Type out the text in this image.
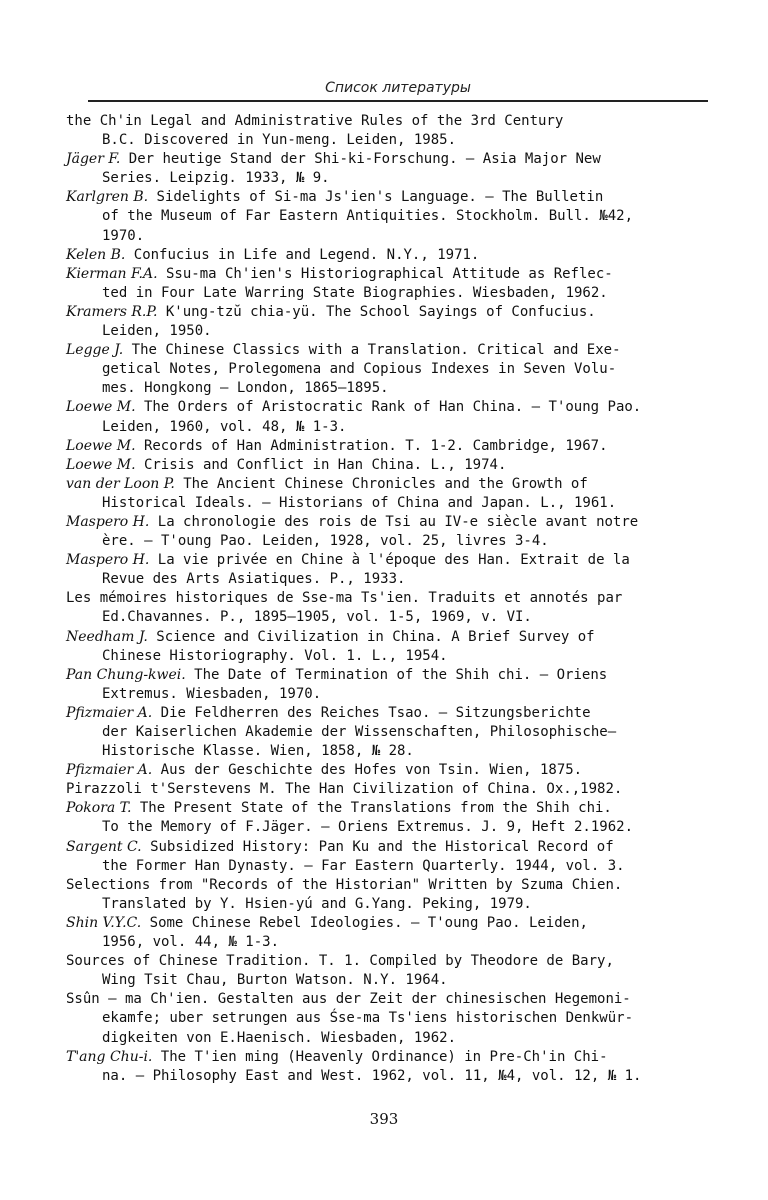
Список литературы
the Ch'in Legal and Administrative Rules of the 3rd Century
B.C. Discovered in Yun-meng. Leiden, 1985.
Jäger F. Der heutige Stand der Shi-ki-Forschung. — Asia Major New
Series. Leipzig. 1933, № 9.
Karlgren B. Sidelights of Si-ma Js'ien's Language. — The Bulletin
of the Museum of Far Eastern Antiquities. Stockholm. Bull. №42,
1970.
Kelen B. Confucius in Life and Legend. N.Y., 1971.
Kierman F.A. Ssu-ma Ch'ien's Historiographical Attitude as Reflec-
ted in Four Late Warring State Biographies. Wiesbaden, 1962.
Kramers R.P. K'ung-tzŭ chia-yü. The School Sayings of Confucius.
Leiden, 1950.
Legge J. The Chinese Classics with a Translation. Critical and Exe-
getical Notes, Prolegomena and Copious Indexes in Seven Volu-
mes. Hongkong — London, 1865—1895.
Loewe M. The Orders of Aristocratic Rank of Han China. — T'oung Pao.
Leiden, 1960, vol. 48, № 1-3.
Loewe M. Records of Han Administration. T. 1-2. Cambridge, 1967.
Loewe M. Crisis and Conflict in Han China. L., 1974.
van der Loon P. The Ancient Chinese Chronicles and the Growth of
Historical Ideals. — Historians of China and Japan. L., 1961.
Maspero H. La chronologie des rois de Tsi au IV-e siècle avant notre
ère. — T'oung Pao. Leiden, 1928, vol. 25, livres 3-4.
Maspero H. La vie privée en Chine à l'époque des Han. Extrait de la
Revue des Arts Asiatiques. P., 1933.
Les mémoires historiques de Sse-ma Ts'ien. Traduits et annotés par
Ed.Chavannes. P., 1895—1905, vol. 1-5, 1969, v. VI.
Needham J. Science and Civilization in China. A Brief Survey of
Chinese Historiography. Vol. 1. L., 1954.
Pan Chung-kwei. The Date of Termination of the Shih chi. — Oriens
Extremus. Wiesbaden, 1970.
Pfizmaier A. Die Feldherren des Reiches Tsao. — Sitzungsberichte
der Kaiserlichen Akademie der Wissenschaften, Philosophische—
Historische Klasse. Wien, 1858, № 28.
Pfizmaier A. Aus der Geschichte des Hofes von Tsin. Wien, 1875.
Pirazzoli t'Serstevens M. The Han Civilization of China. Ox.,1982.
Pokora T. The Present State of the Translations from the Shih chi.
To the Memory of F.Jäger. — Oriens Extremus. J. 9, Heft 2.1962.
Sargent C. Subsidized History: Pan Ku and the Historical Record of
the Former Han Dynasty. — Far Eastern Quarterly. 1944, vol. 3.
Selections from "Records of the Historian" Written by Szuma Chien.
Translated by Y. Hsien-yú and G.Yang. Peking, 1979.
Shin V.Y.C. Some Chinese Rebel Ideologies. — T'oung Pao. Leiden,
1956, vol. 44, № 1-3.
Sources of Chinese Tradition. T. 1. Compiled by Theodore de Bary,
Wing Tsit Chau, Burton Watson. N.Y. 1964.
Ssûn — ma Ch'ien. Gestalten aus der Zeit der chinesischen Hegemoni-
ekamfe; uber setrungen aus Śse-ma Ts'iens historischen Denkwür-
digkeiten von E.Haenisch. Wiesbaden, 1962.
T'ang Chu-i. The T'ien ming (Heavenly Ordinance) in Pre-Ch'in Chi-
na. — Philosophy East and West. 1962, vol. 11, №4, vol. 12, № 1.
393
